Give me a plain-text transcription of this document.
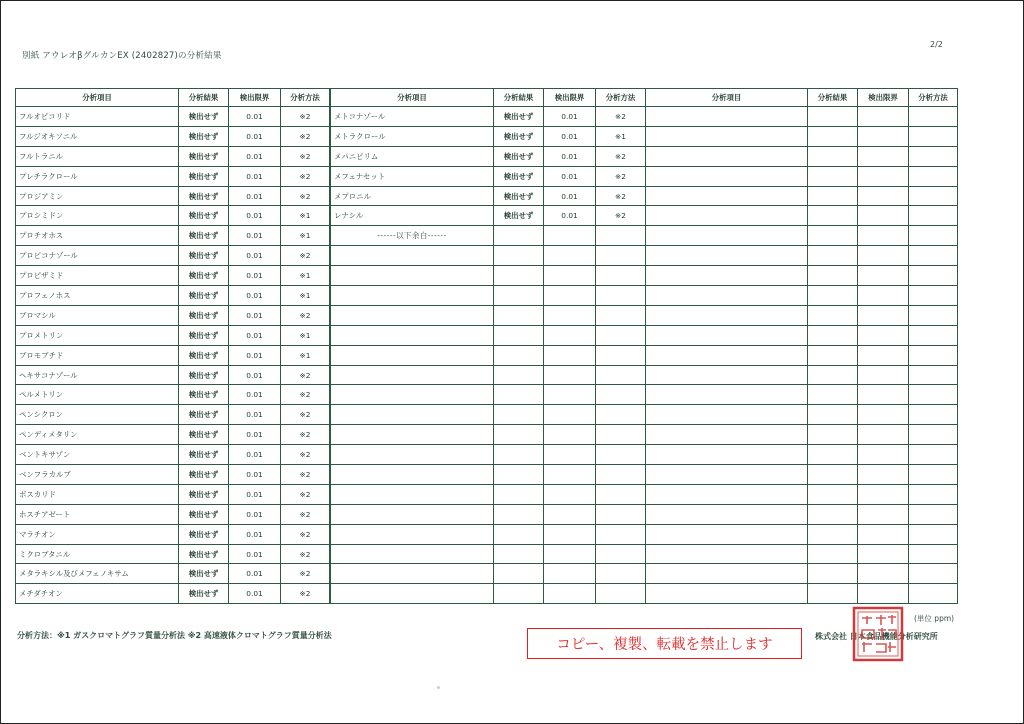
別紙 アウレオβグルカンEX (2402827)の分析結果
2/2
分析項目	分析結果	検出限界	分析方法
フルオピコリド	検出せず	0.01	※2
フルジオキソニル	検出せず	0.01	※2
フルトラニル	検出せず	0.01	※2
プレチラクロール	検出せず	0.01	※2
プロジアミン	検出せず	0.01	※2
プロシミドン	検出せず	0.01	※1
プロチオホス	検出せず	0.01	※1
プロピコナゾール	検出せず	0.01	※2
プロピザミド	検出せず	0.01	※1
プロフェノホス	検出せず	0.01	※1
ブロマシル	検出せず	0.01	※2
プロメトリン	検出せず	0.01	※1
ブロモブチド	検出せず	0.01	※1
ヘキサコナゾール	検出せず	0.01	※2
ペルメトリン	検出せず	0.01	※2
ペンシクロン	検出せず	0.01	※2
ペンディメタリン	検出せず	0.01	※2
ベントキサゾン	検出せず	0.01	※2
ベンフラカルブ	検出せず	0.01	※2
ボスカリド	検出せず	0.01	※2
ホスチアゼート	検出せず	0.01	※2
マラチオン	検出せず	0.01	※2
ミクロブタニル	検出せず	0.01	※2
メタラキシル及びメフェノキサム	検出せず	0.01	※2
メチダチオン	検出せず	0.01	※2
分析項目	分析結果	検出限界	分析方法
メトコナゾール	検出せず	0.01	※2
メトラクロール	検出せず	0.01	※1
メパニピリム	検出せず	0.01	※2
メフェナセット	検出せず	0.01	※2
メプロニル	検出せず	0.01	※2
レナシル	検出せず	0.01	※2
------以下余白------			

分析項目	分析結果	検出限界	分析方法

(単位 ppm)
分析方法：※1 ガスクロマトグラフ質量分析法 ※2 高速液体クロマトグラフ質量分析法
コピー、複製、転載を禁止します
株式会社 日本食品機能分析研究所
